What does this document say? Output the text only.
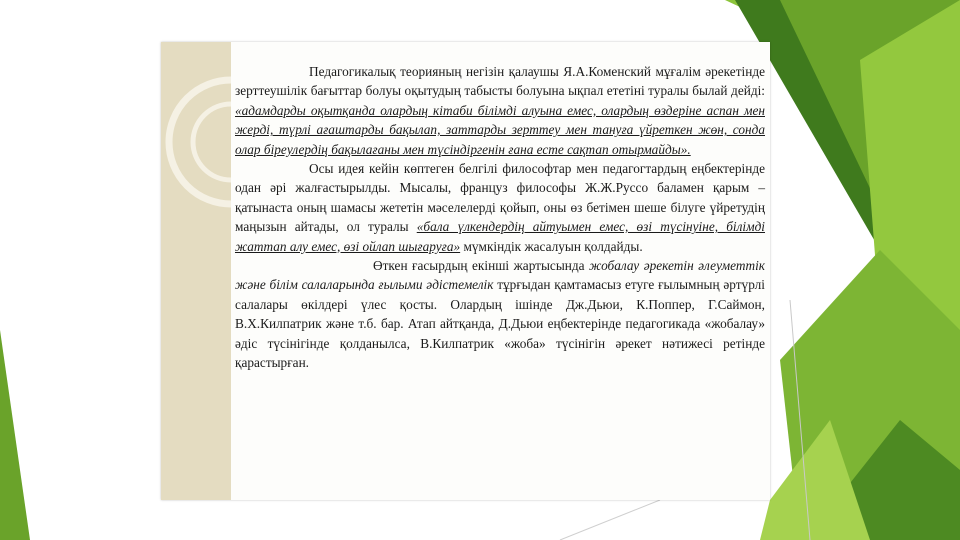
Педагогикалық теорияның негізін қалаушы Я.А.Коменский мұғалім әрекетінде зерттеушілік бағыттар болуы оқытудың табысты болуына ықпал ететіні туралы былай дейді: «адамдарды оқытқанда олардың кітаби білімді алуына емес, олардың өздеріне аспан мен жерді, түрлі ағаштарды бақылап, заттарды зерттеу мен тануға үйреткен жөн, сонда олар біреулердің бақылағаны мен түсіндіргенін ғана есте сақтап отырмайды».

Осы идея кейін көптеген белгілі философтар мен педагогтардың еңбектерінде одан әрі жалғастырылды. Мысалы, француз философы Ж.Ж.Руссо баламен қарым –қатынаста оның шамасы жететін мәселелерді қойып, оны өз бетімен шеше білуге үйретудің маңызын айтады, ол туралы «бала үлкендердің айтуымен емес, өзі түсінуіне, білімді жаттап алу емес, өзі ойлап шығаруға» мүмкіндік жасалуын қолдайды.

Өткен ғасырдың екінші жартысында жобалау әрекетін әлеуметтік және білім салаларында ғылыми әдістемелік тұрғыдан қамтамасыз етуге ғылымның әртүрлі салалары өкілдері үлес қосты. Олардың ішінде Дж.Дьюи, К.Поппер, Г.Саймон, В.Х.Килпатрик және т.б. бар. Атап айтқанда, Д.Дьюи еңбектерінде педагогикада «жобалау» әдіс түсінігінде қолданылса, В.Килпатрик «жоба» түсінігін әрекет нәтижесі ретінде қарастырған.
